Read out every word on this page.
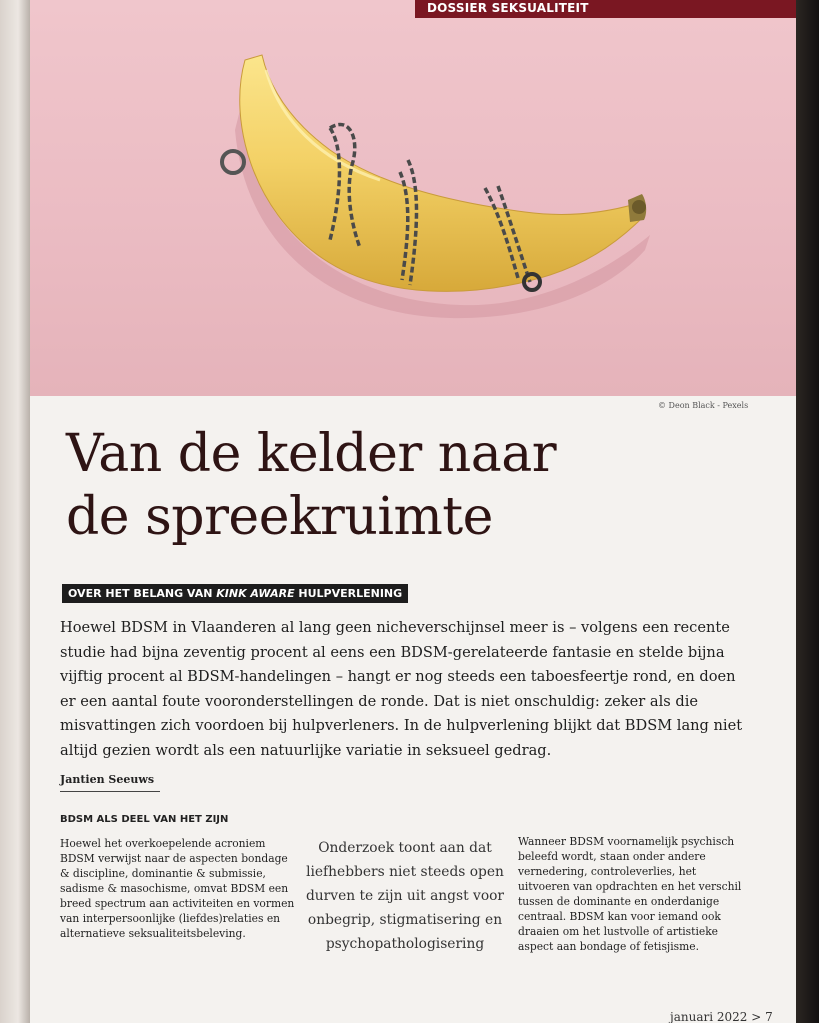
DOSSIER SEKSUALITEIT
© Deon Black - Pexels
Van de kelder naar
de spreekruimte
OVER HET BELANG VAN KINK AWARE HULPVERLENING

Hoewel BDSM in Vlaanderen al lang geen nicheverschijnsel meer is – volgens een recente studie had bijna zeventig procent al eens een BDSM-gerelateerde fantasie en stelde bijna vijftig procent al BDSM-handelingen – hangt er nog steeds een taboesfeertje rond, en doen er een aantal foute vooronderstellingen de ronde. Dat is niet onschuldig: zeker als die misvattingen zich voordoen bij hulpverleners. In de hulpverlening blijkt dat BDSM lang niet altijd gezien wordt als een natuurlijke variatie in seksueel gedrag.

Jantien Seeuws
BDSM ALS DEEL VAN HET ZIJN

Hoewel het overkoepelende acroniem BDSM verwijst naar de aspecten bondage & discipline, dominantie & submissie, sadisme & masochisme, omvat BDSM een breed spectrum aan activiteiten en vormen van interpersoonlijke (liefdes)relaties en alternatieve seksualiteitsbeleving.

Onderzoek toont aan dat liefhebbers niet steeds open durven te zijn uit angst voor onbegrip, stigmatisering en psychopathologisering

Wanneer BDSM voornamelijk psychisch beleefd wordt, staan onder andere vernedering, controleverlies, het uitvoeren van opdrachten en het verschil tussen de dominante en onderdanige centraal. BDSM kan voor iemand ook draaien om het lustvolle of artistieke aspect aan bondage of fetisjisme.

januari 2022 > 7
